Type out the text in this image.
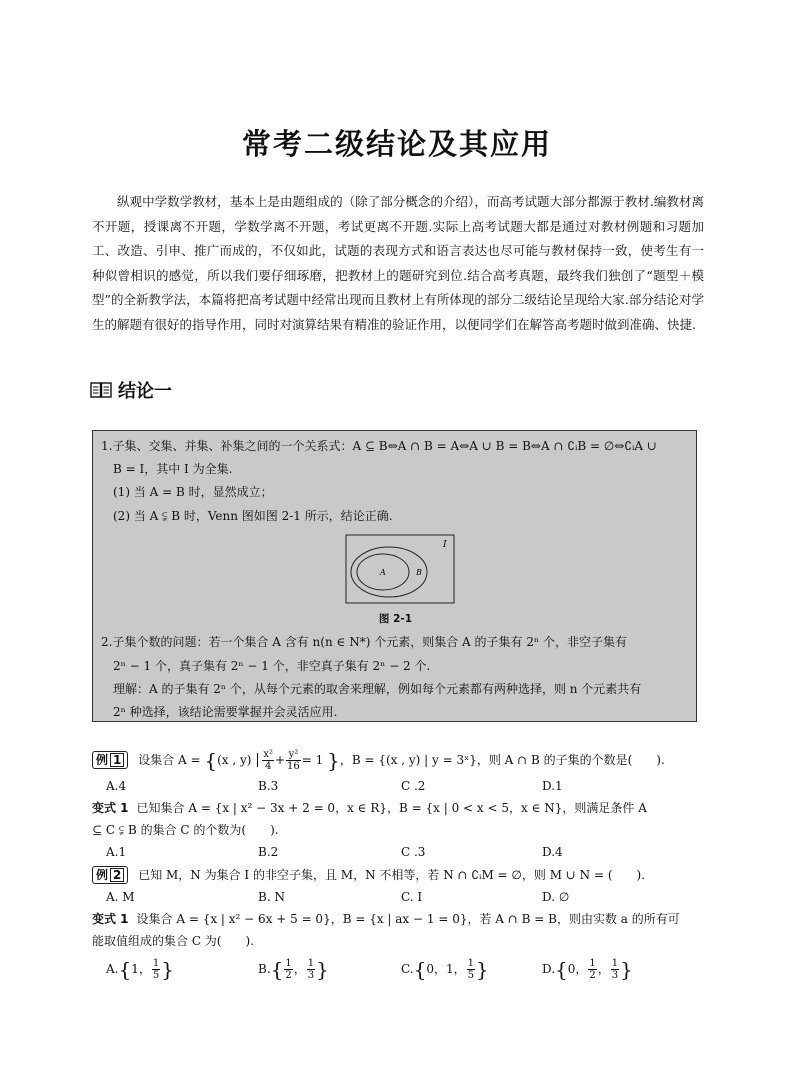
常考二级结论及其应用

纵观中学数学教材，基本上是由题组成的（除了部分概念的介绍），而高考试题大部分都源于教材.编教材离不开题，授课离不开题，学数学离不开题，考试更离不开题.实际上高考试题大都是通过对教材例题和习题加工、改造、引申、推广而成的，不仅如此，试题的表现方式和语言表达也尽可能与教材保持一致，使考生有一种似曾相识的感觉，所以我们要仔细琢磨，把教材上的题研究到位.结合高考真题，最终我们独创了“题型＋模型”的全新教学法，本篇将把高考试题中经常出现而且教材上有所体现的部分二级结论呈现给大家.部分结论对学生的解题有很好的指导作用，同时对演算结果有精准的验证作用，以便同学们在解答高考题时做到准确、快捷.

结论一
1.子集、交集、并集、补集之间的一个关系式：A ⊆ B⇔A ∩ B = A⇔A ∪ B = B⇔A ∩ ∁ᵢB = ∅⇔∁ᵢA ∪
B = I，其中 I 为全集.
(1) 当 A = B 时，显然成立；
(2) 当 A ⫋ B 时，Venn 图如图 2-1 所示，结论正确.
I
B
A
图 2-1
2.子集个数的问题：若一个集合 A 含有 n(n ∈ N*) 个元素，则集合 A 的子集有 2ⁿ 个，非空子集有
2ⁿ − 1 个，真子集有 2ⁿ − 1 个，非空真子集有 2ⁿ − 2 个.
理解：A 的子集有 2ⁿ 个，从每个元素的取舍来理解，例如每个元素都有两种选择，则 n 个元素共有
2ⁿ 种选择，该结论需要掌握并会灵活应用.
例 1 设集合 A = {(x , $y) \frac{\text{x²}}{4} + \frac{\text{y²}}{16} = 1$ }，B = {(x , y) | y = 3ˣ}，则 A ∩ B 的子集的个数是(　　).
A.4	B.3	C .2	D.1
变式 1 已知集合 A = {x | x² − 3x + 2 = 0，x ∈ R}，B = {x | 0 < x < 5，x ∈ N}，则满足条件 A
⊆ C ⫋ B 的集合 C 的个数为(　　).
A.1	B.2	C .3	D.4
例 2 已知 M，N 为集合 I 的非空子集，且 M，N 不相等，若 N ∩ ∁ᵢM = ∅，则 M ∪ N = (　　).
A. M	B. N	C. I	D. ∅
变式 1 设集合 A = {x | x² − 6x + 5 = 0}，B = {x | ax − 1 = 0}，若 A ∩ B = B，则由实数 a 的所有可
能取值组成的集合 C 为(　　).
A.{1， $\frac{1}{5}$ }	$B.\{ \frac{1}{2}$ ， $\frac{1}{3}$ }	C.{0，1， $\frac{1}{5}$ }	D.{0， $\frac{1}{2}$ ， $\frac{1}{3}$ }
